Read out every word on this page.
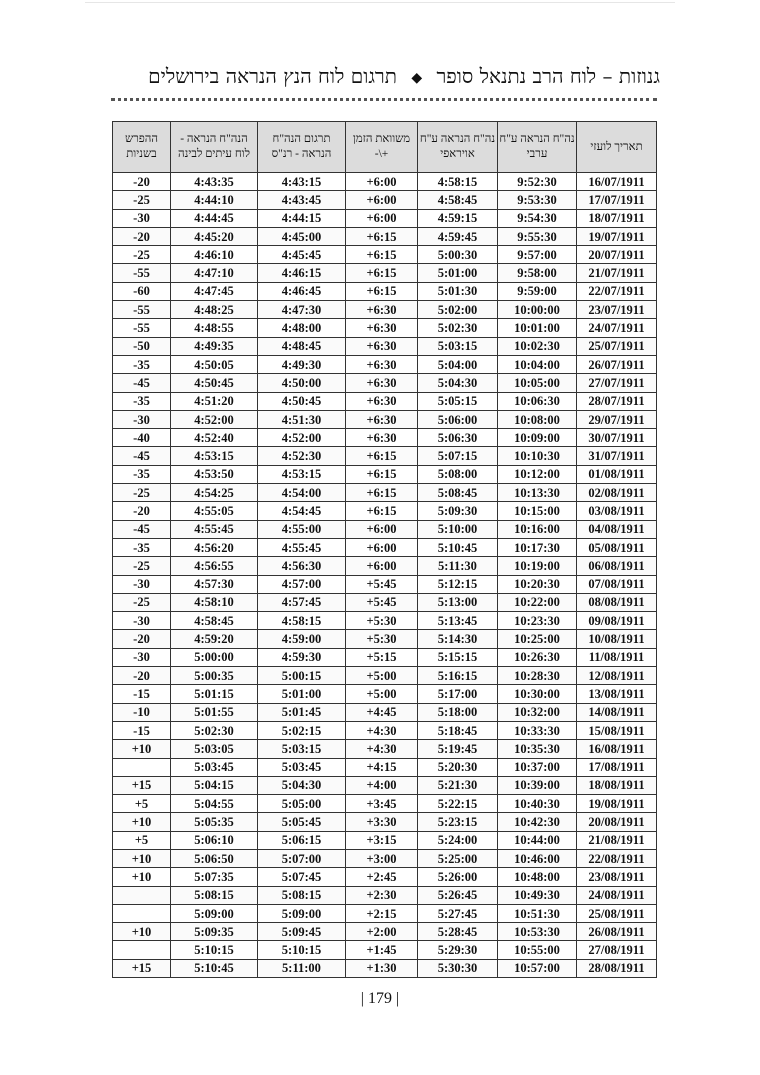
גנוזות – לוח הרב נתנאל סופר ◆ תרגום לוח הנץ הנראה בירושלים
תאריך לועזי	נה"ח הנראה ע"ח ערבי	נה"ח הנראה ע"ח אויראפי	משוואת הזמן +\-	תרגום הנה"ח הנראה - רנ"ס	הנה"ח הנראה - לוח עיתים לבינה	ההפרש בשניות
16/07/1911	9:52:30	4:58:15	+6:00	4:43:15	4:43:35	-20
17/07/1911	9:53:30	4:58:45	+6:00	4:43:45	4:44:10	-25
18/07/1911	9:54:30	4:59:15	+6:00	4:44:15	4:44:45	-30
19/07/1911	9:55:30	4:59:45	+6:15	4:45:00	4:45:20	-20
20/07/1911	9:57:00	5:00:30	+6:15	4:45:45	4:46:10	-25
21/07/1911	9:58:00	5:01:00	+6:15	4:46:15	4:47:10	-55
22/07/1911	9:59:00	5:01:30	+6:15	4:46:45	4:47:45	-60
23/07/1911	10:00:00	5:02:00	+6:30	4:47:30	4:48:25	-55
24/07/1911	10:01:00	5:02:30	+6:30	4:48:00	4:48:55	-55
25/07/1911	10:02:30	5:03:15	+6:30	4:48:45	4:49:35	-50
26/07/1911	10:04:00	5:04:00	+6:30	4:49:30	4:50:05	-35
27/07/1911	10:05:00	5:04:30	+6:30	4:50:00	4:50:45	-45
28/07/1911	10:06:30	5:05:15	+6:30	4:50:45	4:51:20	-35
29/07/1911	10:08:00	5:06:00	+6:30	4:51:30	4:52:00	-30
30/07/1911	10:09:00	5:06:30	+6:30	4:52:00	4:52:40	-40
31/07/1911	10:10:30	5:07:15	+6:15	4:52:30	4:53:15	-45
01/08/1911	10:12:00	5:08:00	+6:15	4:53:15	4:53:50	-35
02/08/1911	10:13:30	5:08:45	+6:15	4:54:00	4:54:25	-25
03/08/1911	10:15:00	5:09:30	+6:15	4:54:45	4:55:05	-20
04/08/1911	10:16:00	5:10:00	+6:00	4:55:00	4:55:45	-45
05/08/1911	10:17:30	5:10:45	+6:00	4:55:45	4:56:20	-35
06/08/1911	10:19:00	5:11:30	+6:00	4:56:30	4:56:55	-25
07/08/1911	10:20:30	5:12:15	+5:45	4:57:00	4:57:30	-30
08/08/1911	10:22:00	5:13:00	+5:45	4:57:45	4:58:10	-25
09/08/1911	10:23:30	5:13:45	+5:30	4:58:15	4:58:45	-30
10/08/1911	10:25:00	5:14:30	+5:30	4:59:00	4:59:20	-20
11/08/1911	10:26:30	5:15:15	+5:15	4:59:30	5:00:00	-30
12/08/1911	10:28:30	5:16:15	+5:00	5:00:15	5:00:35	-20
13/08/1911	10:30:00	5:17:00	+5:00	5:01:00	5:01:15	-15
14/08/1911	10:32:00	5:18:00	+4:45	5:01:45	5:01:55	-10
15/08/1911	10:33:30	5:18:45	+4:30	5:02:15	5:02:30	-15
16/08/1911	10:35:30	5:19:45	+4:30	5:03:15	5:03:05	+10
17/08/1911	10:37:00	5:20:30	+4:15	5:03:45	5:03:45	
18/08/1911	10:39:00	5:21:30	+4:00	5:04:30	5:04:15	+15
19/08/1911	10:40:30	5:22:15	+3:45	5:05:00	5:04:55	+5
20/08/1911	10:42:30	5:23:15	+3:30	5:05:45	5:05:35	+10
21/08/1911	10:44:00	5:24:00	+3:15	5:06:15	5:06:10	+5
22/08/1911	10:46:00	5:25:00	+3:00	5:07:00	5:06:50	+10
23/08/1911	10:48:00	5:26:00	+2:45	5:07:45	5:07:35	+10
24/08/1911	10:49:30	5:26:45	+2:30	5:08:15	5:08:15	
25/08/1911	10:51:30	5:27:45	+2:15	5:09:00	5:09:00	
26/08/1911	10:53:30	5:28:45	+2:00	5:09:45	5:09:35	+10
27/08/1911	10:55:00	5:29:30	+1:45	5:10:15	5:10:15	
28/08/1911	10:57:00	5:30:30	+1:30	5:11:00	5:10:45	+15
| 179 |
